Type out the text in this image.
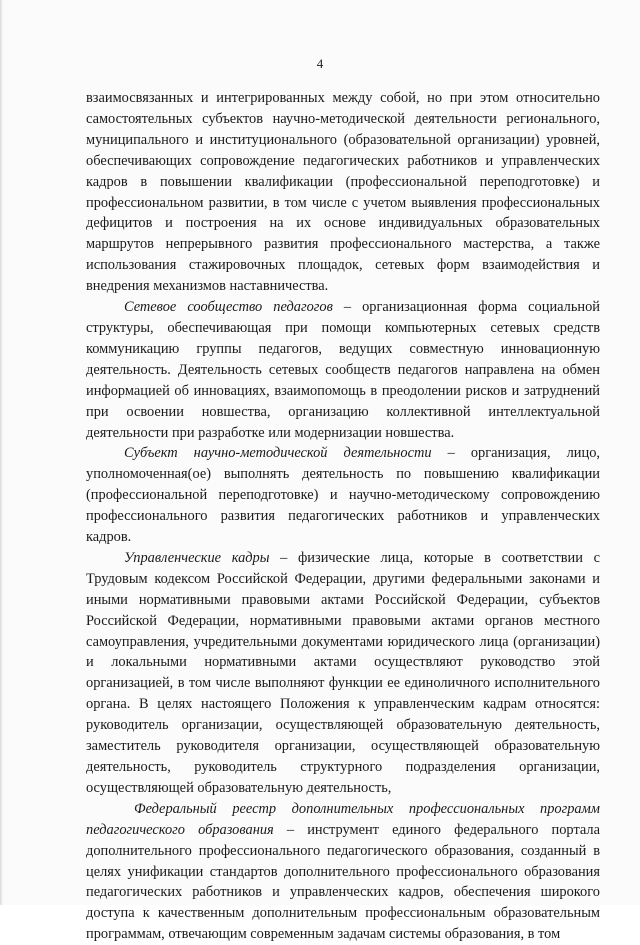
4

взаимосвязанных и интегрированных между собой, но при этом относительно самостоятельных субъектов научно-методической деятельности регионального, муниципального и институционального (образовательной организации) уровней, обеспечивающих сопровождение педагогических работников и управленческих кадров в повышении квалификации (профессиональной переподготовке) и профессиональном развитии, в том числе с учетом выявления профессиональных дефицитов и построения на их основе индивидуальных образовательных маршрутов непрерывного развития профессионального мастерства, а также использования стажировочных площадок, сетевых форм взаимодействия и внедрения механизмов наставничества.

Сетевое сообщество педагогов – организационная форма социальной структуры, обеспечивающая при помощи компьютерных сетевых средств коммуникацию группы педагогов, ведущих совместную инновационную деятельность. Деятельность сетевых сообществ педагогов направлена на обмен информацией об инновациях, взаимопомощь в преодолении рисков и затруднений при освоении новшества, организацию коллективной интеллектуальной деятельности при разработке или модернизации новшества.

Субъект научно-методической деятельности – организация, лицо, уполномоченная(ое) выполнять деятельность по повышению квалификации (профессиональной переподготовке) и научно-методическому сопровождению профессионального развития педагогических работников и управленческих кадров.

Управленческие кадры – физические лица, которые в соответствии с Трудовым кодексом Российской Федерации, другими федеральными законами и иными нормативными правовыми актами Российской Федерации, субъектов Российской Федерации, нормативными правовыми актами органов местного самоуправления, учредительными документами юридического лица (организации) и локальными нормативными актами осуществляют руководство этой организацией, в том числе выполняют функции ее единоличного исполнительного органа. В целях настоящего Положения к управленческим кадрам относятся: руководитель организации, осуществляющей образовательную деятельность, заместитель руководителя организации, осуществляющей образовательную деятельность, руководитель структурного подразделения организации, осуществляющей образовательную деятельность,

Федеральный реестр дополнительных профессиональных программ педагогического образования – инструмент единого федерального портала дополнительного профессионального педагогического образования, созданный в целях унификации стандартов дополнительного профессионального образования педагогических работников и управленческих кадров, обеспечения широкого доступа к качественным дополнительным профессиональным образовательным программам, отвечающим современным задачам системы образования, в том
